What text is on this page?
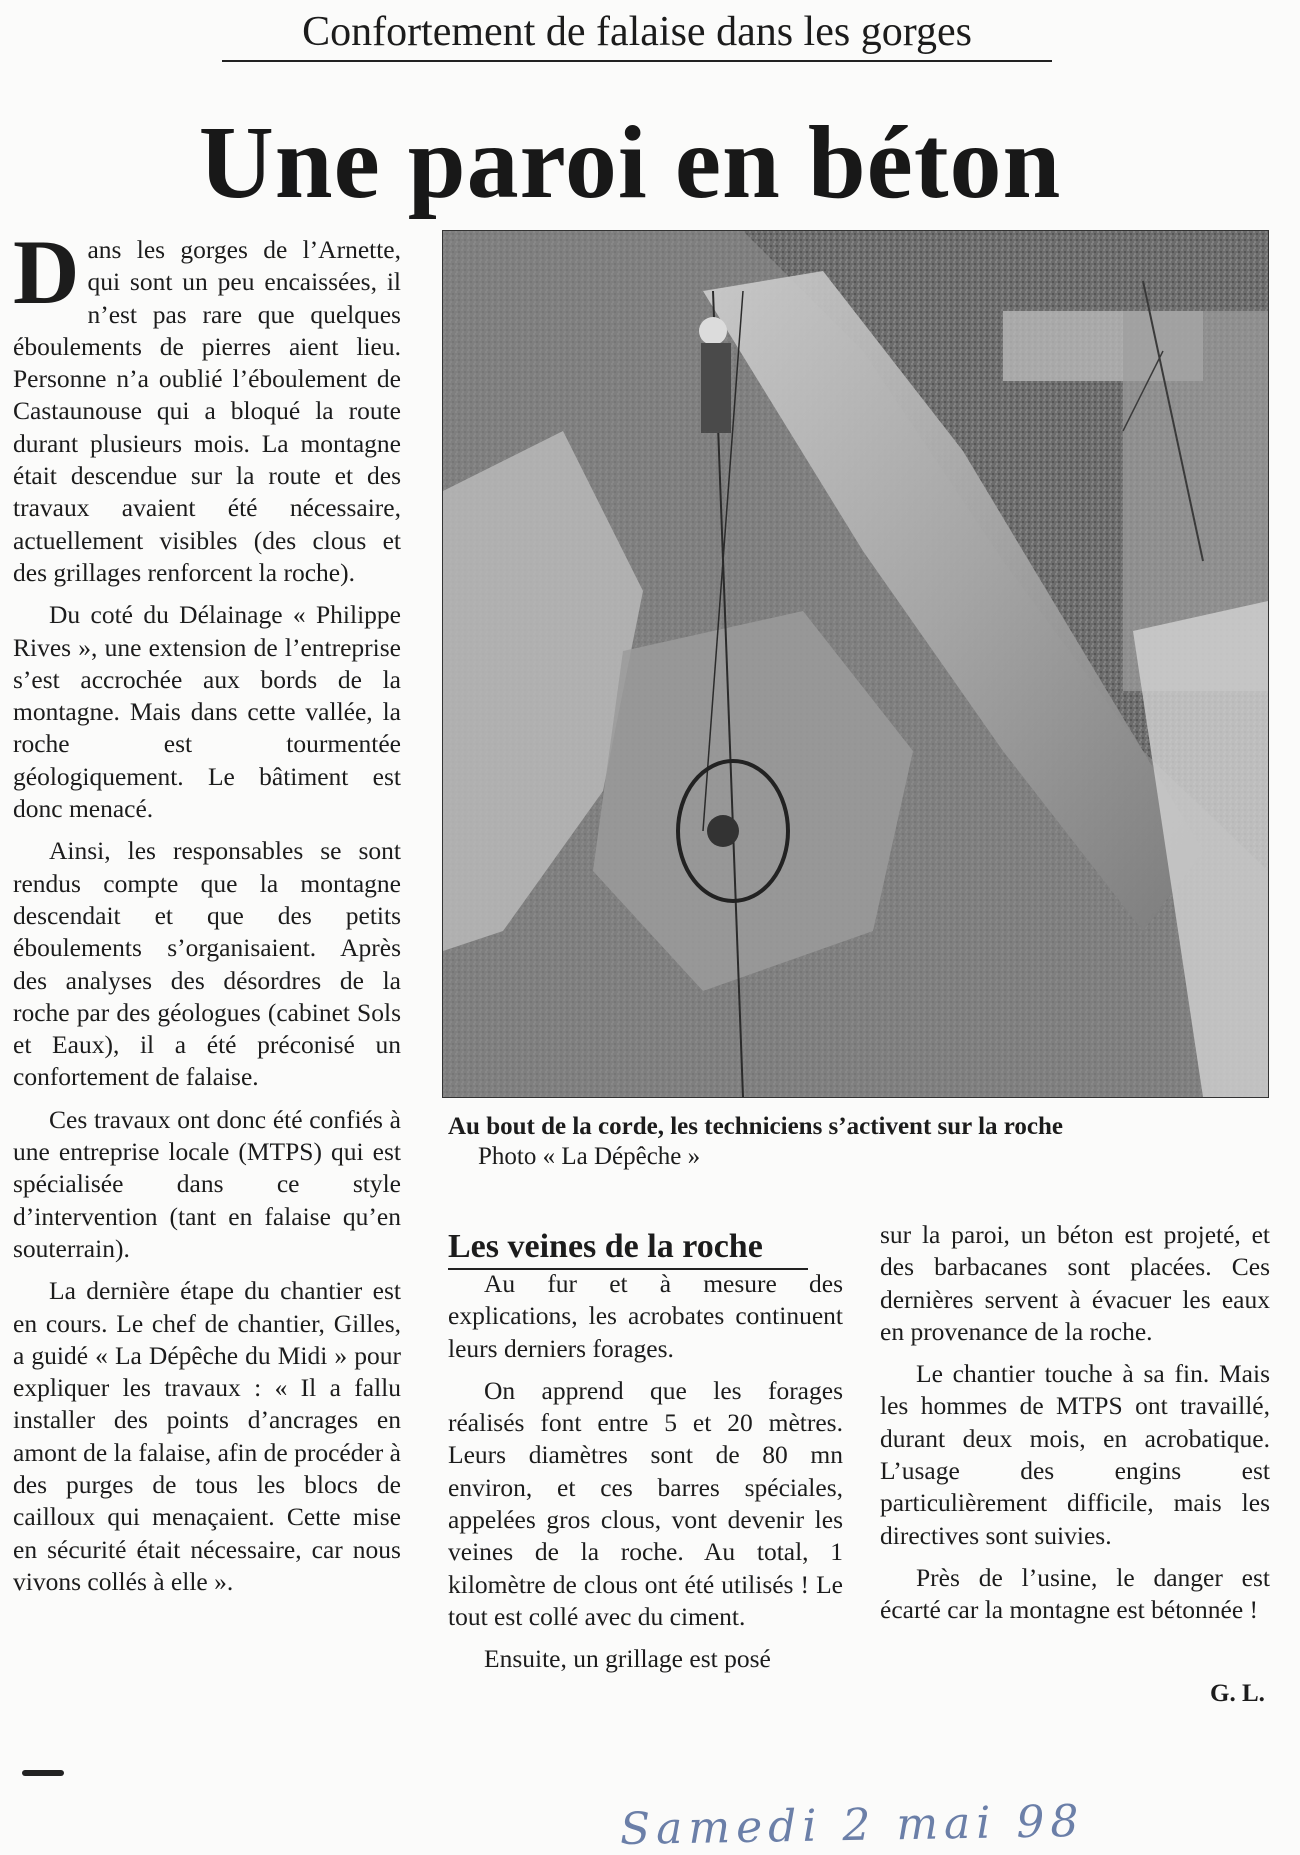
Confortement de falaise dans les gorges
Une paroi en béton

Dans les gorges de l’Arnette, qui sont un peu encaissées, il n’est pas rare que quelques éboulements de pierres aient lieu. Personne n’a oublié l’éboulement de Castaunouse qui a bloqué la route durant plusieurs mois. La montagne était descendue sur la route et des travaux avaient été nécessaire, actuellement visibles (des clous et des grillages renforcent la roche).

Du coté du Délainage « Philippe Rives », une extension de l’entreprise s’est accrochée aux bords de la montagne. Mais dans cette vallée, la roche est tourmentée géologiquement. Le bâtiment est donc menacé.

Ainsi, les responsables se sont rendus compte que la montagne descendait et que des petits éboulements s’organisaient. Après des analyses des désordres de la roche par des géologues (cabinet Sols et Eaux), il a été préconisé un confortement de falaise.

Ces travaux ont donc été confiés à une entreprise locale (MTPS) qui est spécialisée dans ce style d’intervention (tant en falaise qu’en souterrain).

La dernière étape du chantier est en cours. Le chef de chantier, Gilles, a guidé « La Dépêche du Midi » pour expliquer les travaux : « Il a fallu installer des points d’ancrages en amont de la falaise, afin de procéder à des purges de tous les blocs de cailloux qui menaçaient. Cette mise en sécurité était nécessaire, car nous vivons collés à elle ».

Au bout de la corde, les techniciens s’activent sur la roche
Photo « La Dépêche »
Les veines de la roche

Au fur et à mesure des explications, les acrobates continuent leurs derniers forages.

On apprend que les forages réalisés font entre 5 et 20 mètres. Leurs diamètres sont de 80 mn environ, et ces barres spéciales, appelées gros clous, vont devenir les veines de la roche. Au total, 1 kilomètre de clous ont été utilisés ! Le tout est collé avec du ciment.

Ensuite, un grillage est posé

sur la paroi, un béton est projeté, et des barbacanes sont placées. Ces dernières servent à évacuer les eaux en provenance de la roche.

Le chantier touche à sa fin. Mais les hommes de MTPS ont travaillé, durant deux mois, en acrobatique. L’usage des engins est particulièrement difficile, mais les directives sont suivies.

Près de l’usine, le danger est écarté car la montagne est bétonnée !

G. L.
Samedi 2 mai 98
